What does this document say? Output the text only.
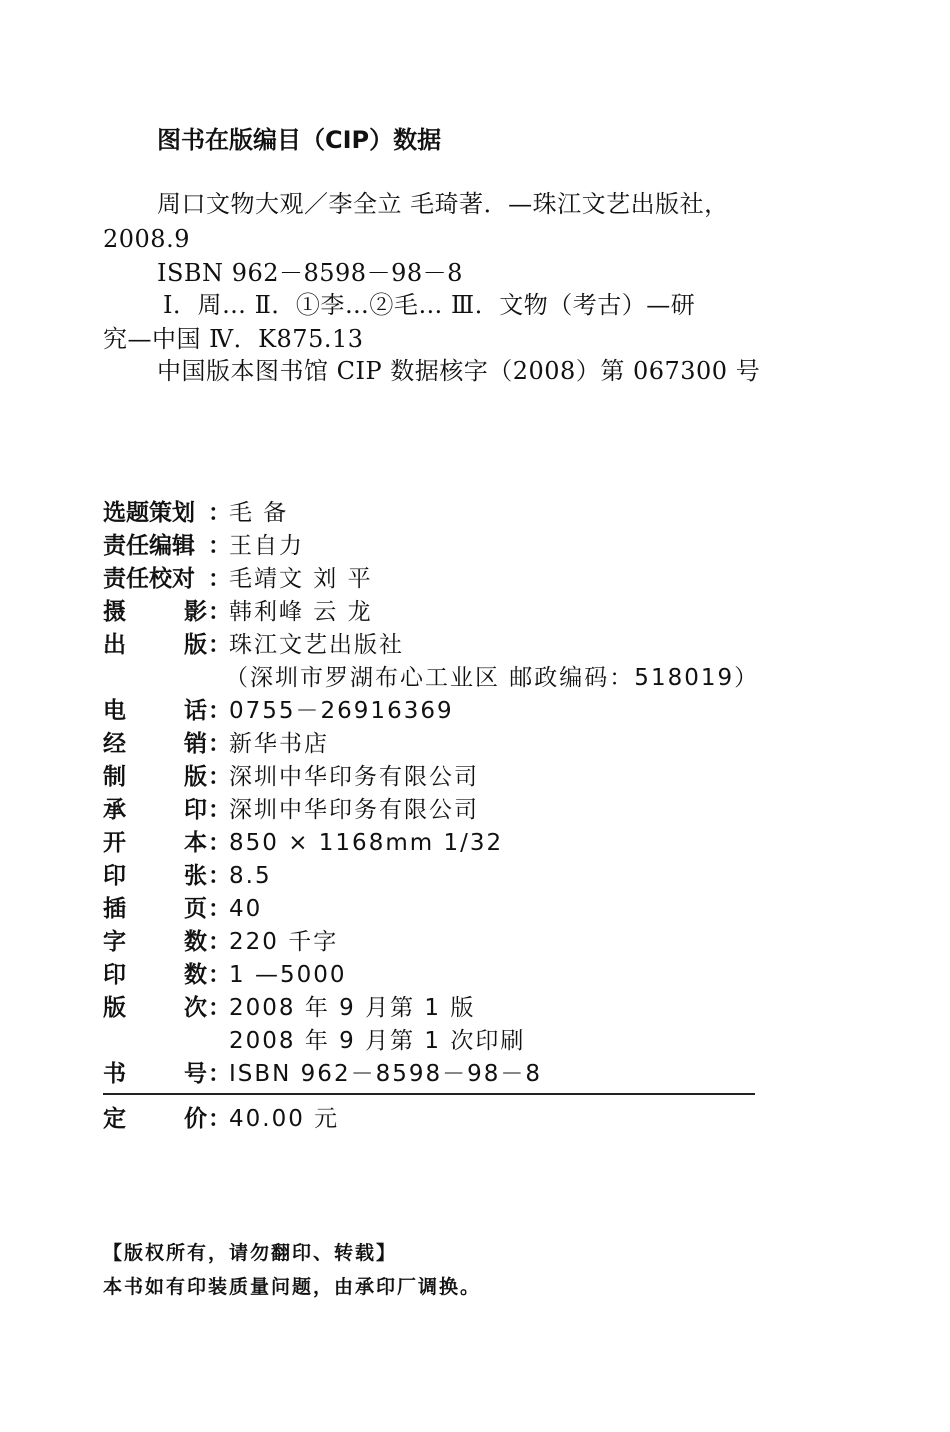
图书在版编目（CIP）数据
周口文物大观／李全立 毛琦著．—珠江文艺出版社，
2008.9
ISBN 962－8598－98－8
Ⅰ．周… Ⅱ．①李…②毛… Ⅲ．文物（考古）—研
究—中国 Ⅳ．K875.13
中国版本图书馆 CIP 数据核字（2008）第 067300 号
选题策划 ：
毛 备
责任编辑 ：
王自力
责任校对 ：
毛靖文 刘 平
摄	影 ：
韩利峰 云 龙
出	版 ：
珠江文艺出版社
（深圳市罗湖布心工业区 邮政编码：518019）
电	话 ：
0755－26916369
经	销 ：
新华书店
制	版 ：
深圳中华印务有限公司
承	印 ：
深圳中华印务有限公司
开	本 ：
850 × 1168mm 1/32
印	张 ：
8.5
插	页 ：
40
字	数 ：
220 千字
印	数 ：
1 —5000
版	次 ：
2008 年 9 月第 1 版
2008 年 9 月第 1 次印刷
书	号 ：
ISBN 962－8598－98－8
定	价 ：
40.00 元
【版权所有，请勿翻印、转载】
本书如有印装质量问题，由承印厂调换。
